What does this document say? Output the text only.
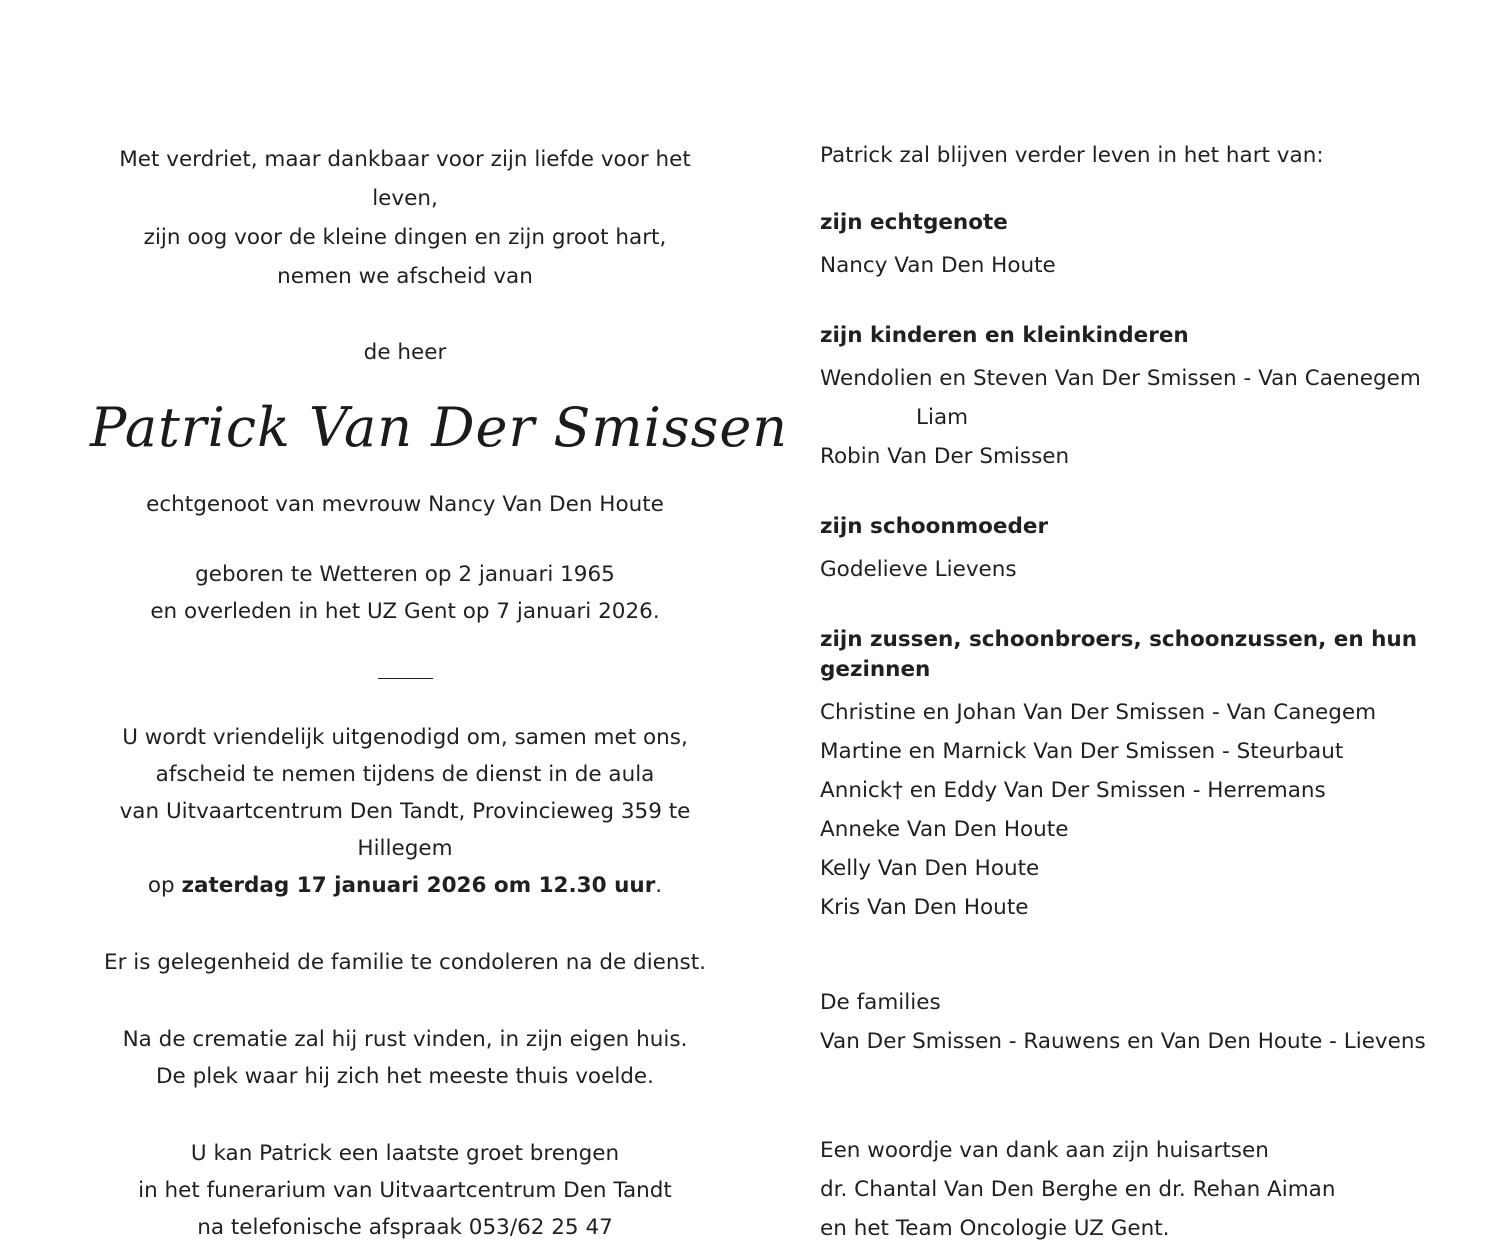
Met verdriet, maar dankbaar voor zijn liefde voor het leven,
zijn oog voor de kleine dingen en zijn groot hart,
nemen we afscheid van
de heer
Patrick Van Der Smissen
echtgenoot van mevrouw Nancy Van Den Houte
geboren te Wetteren op 2 januari 1965
en overleden in het UZ Gent op 7 januari 2026.
U wordt vriendelijk uitgenodigd om, samen met ons,
afscheid te nemen tijdens de dienst in de aula
van Uitvaartcentrum Den Tandt, Provincieweg 359 te Hillegem
op zaterdag 17 januari 2026 om 12.30 uur.
Er is gelegenheid de familie te condoleren na de dienst.
Na de crematie zal hij rust vinden, in zijn eigen huis.
De plek waar hij zich het meeste thuis voelde.
U kan Patrick een laatste groet brengen
in het funerarium van Uitvaartcentrum Den Tandt
na telefonische afspraak 053/62 25 47
Patrick zal blijven verder leven in het hart van:
zijn echtgenote
Nancy Van Den Houte
zijn kinderen en kleinkinderen
Wendolien en Steven Van Der Smissen - Van Caenegem
Liam
Robin Van Der Smissen
zijn schoonmoeder
Godelieve Lievens
zijn zussen, schoonbroers, schoonzussen, en hun gezinnen
Christine en Johan Van Der Smissen - Van Canegem
Martine en Marnick Van Der Smissen - Steurbaut
Annick† en Eddy Van Der Smissen - Herremans
Anneke Van Den Houte
Kelly Van Den Houte
Kris Van Den Houte
De families
Van Der Smissen - Rauwens en Van Den Houte - Lievens
Een woordje van dank aan zijn huisartsen
dr. Chantal Van Den Berghe en dr. Rehan Aiman
en het Team Oncologie UZ Gent.
